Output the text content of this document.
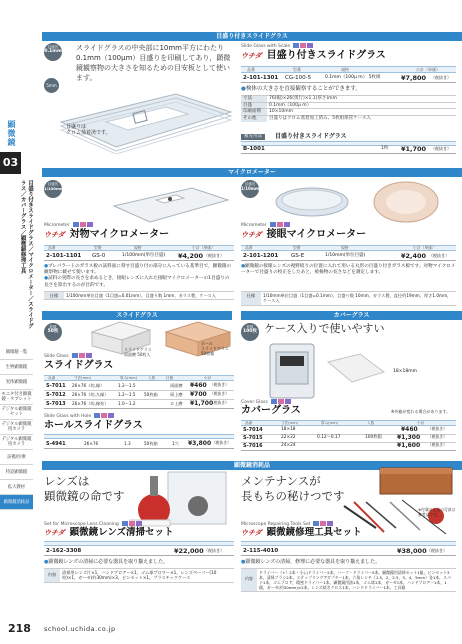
顕微鏡
03
目盛り付きスライドグラス／マイクロメーター／スライドグラス／カバーグラス／顕微鏡修理工具
顕微鏡一覧
生物顕微鏡
実体顕微鏡
モニタ付き顕微鏡・タブレット
デジタル顕微鏡セット
デジタル顕微鏡用カメラ
デジタル顕微鏡用カメラ
証拠/医療
特設顕微鏡
拡大教材
顕微鏡消耗品
目盛り付きスライドグラス
目盛長
0.1mm
5mm
スライドグラスの中央部に10mm平方にわたり0.1mm（100μm）目盛りを印刷してあり，顕微鏡観察物の大きさを知るための目安板として使います。
目盛りは
クロム蒸着済です。
Slide Glass with Scale
ウチダ 目盛り付きスライドグラス
品番	型番	規格	小計（単価）
2-101-1301 CG-100-5	0.1mm（100μ m） 5枚組	¥7,800 （税抜き）
●検体の大きさを直接観察することができます。
寸法	76(幅)×26(奥行)×1.1(厚さ)mm
目盛	0.1mm（100μ m）
印刷面積	10×10mm
その他	目盛りはクロム蒸着加工済み、5枚組保管ケース入
補充用品	目盛り付きスライドグラス
B-1001	1枚 ¥1,700 （税抜き）
マイクロメーター
目盛長
1/100mm
Micrometer
ウチダ 対物マイクロメーター
品番	型番	規格	小計（単価）
2-101-1101 GS-0	1/100mm(単位目盛) ¥4,200 （税抜き）
●プレパラートのガラス板の試料面に刻す目盛り付の部分に入っている基準目で，顕微鏡の観察物に載せて使います。
●試料の実際の長さを求めるとき，接眼レンズに入れた接眼マイクロメーターの1目盛りの長さを算出するのが目的です。
仕様	1/100mm単位目盛（1目盛=0.01mm），目盛り数 1mm，ガラス製，ケース入
目盛長
1/10mm
Micrometer
ウチダ 接眼マイクロメーター
品番	型番	規格	小計（単価）
2-101-1201 GS-E	1/10mm(単位目盛)	¥2,400 （税抜き）
●顕微鏡の接眼レンズの視野絞りの位置に入れて用いる丸形の目盛り付きガラス板です。対物マイクロメーターで目盛りの校正をしたあと，被検物の長さなどを測定します。
仕様	1/10mm単位目盛（1目盛=0.1mm），目盛り数 10mm，ガラス製，直径約19mm，厚さ1.0mm，ケース入
スライドグラス
枚数
50枚
スライドグラス
両面磨 50枚入
ホール
スライドグラス
50枚箱
Slide Glass
スライドグラス
品番	寸法(mm)	厚み(mm)	入数	仕様	小計
S-7011 26×76（幼,縁）	1.2～1.5	両面磨 ¥460 （税抜き）
S-7012 26×76（幼,九縁） 1.2～1.5 50枚箱	両上磨 ¥700 （税抜き）
S-7013 26×76（幼,縁糸） 1.0～1.2	ロ上磨 ¥1,700
（税抜き）
Slide Glass with Hole
ホールスライドグラス
S-4941	26×76	1.3	50枚箱	1穴 ¥3,800 （税抜き）
カバーグラス
枚数
100枚 ケース入りで使いやすい
18×18mm
Cover Glass
カバーグラス	※外箱が変わる場合があります。
品番	寸法(mm)	厚み(mm)	入数	小計
S-7014	18×18	¥460	（税抜き）
S-7015	22×22	0.12～0.17	100枚箱	¥1,300 （税抜き）
S-7016	24×24	¥1,600 （税抜き）
顕微鏡消耗品
レンズは
顕微鏡の命です
Set for Microscope Lens Cleaning
ウチダ 顕微鏡レンズ清掃セット
2-162-3308	¥22,000 （税抜き）
●顕微鏡レンズの清掃に必要な器具を取り揃えました。
内容	清掃用レンズ片×1，ハンドブロアー×1，ゴム球ブロワー×1，レンズペーパー(10枚)×1，ガーゼ(約30mm)×3，ピンセット×1，プラスチックケース
メンテナンスが
長もちの秘けつです
※付属の工具の写真は参考品です。
Microscope Repairing Tools Set
ウチダ 顕微鏡修理工具セット
2-115-4010	¥38,000 （税抜き）
●顕微鏡レンズの清掃，修理に必要な器具を取り揃えました。
内容
ドライバー（+）2本・小(-)ドライバー2本，ハーフ・ドライバー5本，顕微鏡用清掃セット1組，ピンセット3本，清掃ブラシ2本，ステップリングアダプター1本，六角レンチ（1.5，2，2.5，3，4，5mm）各1本，スパナ1本，ゴムブロア，精密ドライバー1本，顕微鏡用油1本，ゴム球1本，ガーゼ1本，ハンドブロアー1本，1個，ガーゼ(約30mm)×2本，レンズ拭きクロス1本，ハンドドライバー1本，工具箱
218 school.uchida.co.jp
